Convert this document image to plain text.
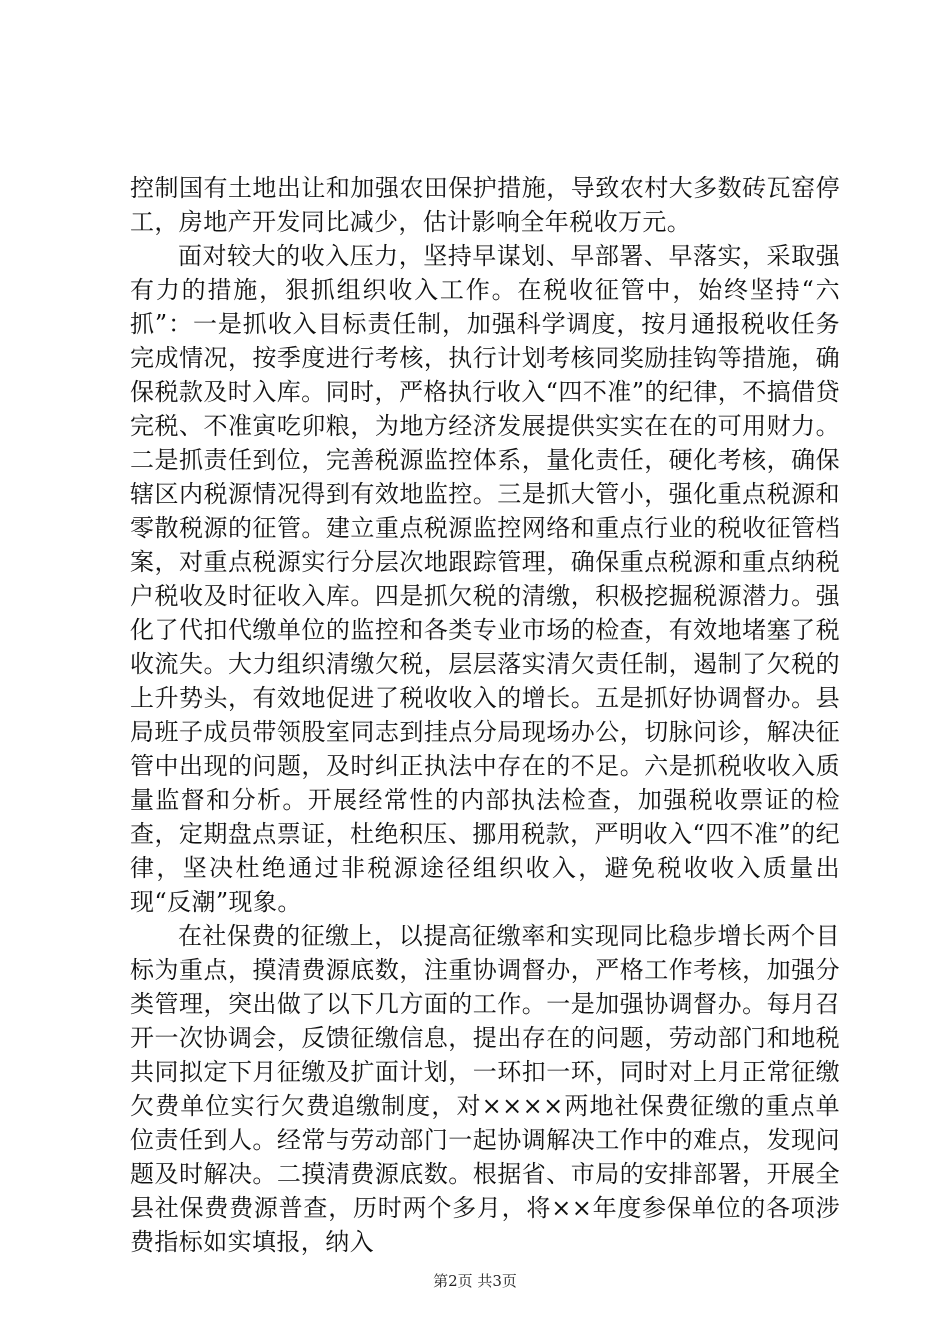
控制国有土地出让和加强农田保护措施，导致农村大多数砖瓦窑停工，房地产开发同比减少，估计影响全年税收万元。

面对较大的收入压力，坚持早谋划、早部署、早落实，采取强有力的措施，狠抓组织收入工作。在税收征管中，始终坚持“六抓”：一是抓收入目标责任制，加强科学调度，按月通报税收任务完成情况，按季度进行考核，执行计划考核同奖励挂钩等措施，确保税款及时入库。同时，严格执行收入“四不准”的纪律，不搞借贷完税、不准寅吃卯粮，为地方经济发展提供实实在在的可用财力。二是抓责任到位，完善税源监控体系，量化责任，硬化考核，确保辖区内税源情况得到有效地监控。三是抓大管小，强化重点税源和零散税源的征管。建立重点税源监控网络和重点行业的税收征管档案，对重点税源实行分层次地跟踪管理，确保重点税源和重点纳税户税收及时征收入库。四是抓欠税的清缴，积极挖掘税源潜力。强化了代扣代缴单位的监控和各类专业市场的检查，有效地堵塞了税收流失。大力组织清缴欠税，层层落实清欠责任制，遏制了欠税的上升势头，有效地促进了税收收入的增长。五是抓好协调督办。县局班子成员带领股室同志到挂点分局现场办公，切脉问诊，解决征管中出现的问题，及时纠正执法中存在的不足。六是抓税收收入质量监督和分析。开展经常性的内部执法检查，加强税收票证的检查，定期盘点票证，杜绝积压、挪用税款，严明收入“四不准”的纪律，坚决杜绝通过非税源途径组织收入，避免税收收入质量出现“反潮”现象。

在社保费的征缴上，以提高征缴率和实现同比稳步增长两个目标为重点，摸清费源底数，注重协调督办，严格工作考核，加强分类管理，突出做了以下几方面的工作。一是加强协调督办。每月召开一次协调会，反馈征缴信息，提出存在的问题，劳动部门和地税共同拟定下月征缴及扩面计划，一环扣一环，同时对上月正常征缴欠费单位实行欠费追缴制度，对××××两地社保费征缴的重点单位责任到人。经常与劳动部门一起协调解决工作中的难点，发现问题及时解决。二摸清费源底数。根据省、市局的安排部署，开展全县社保费费源普查，历时两个多月，将××年度参保单位的各项涉费指标如实填报，纳入

第2页 共3页
